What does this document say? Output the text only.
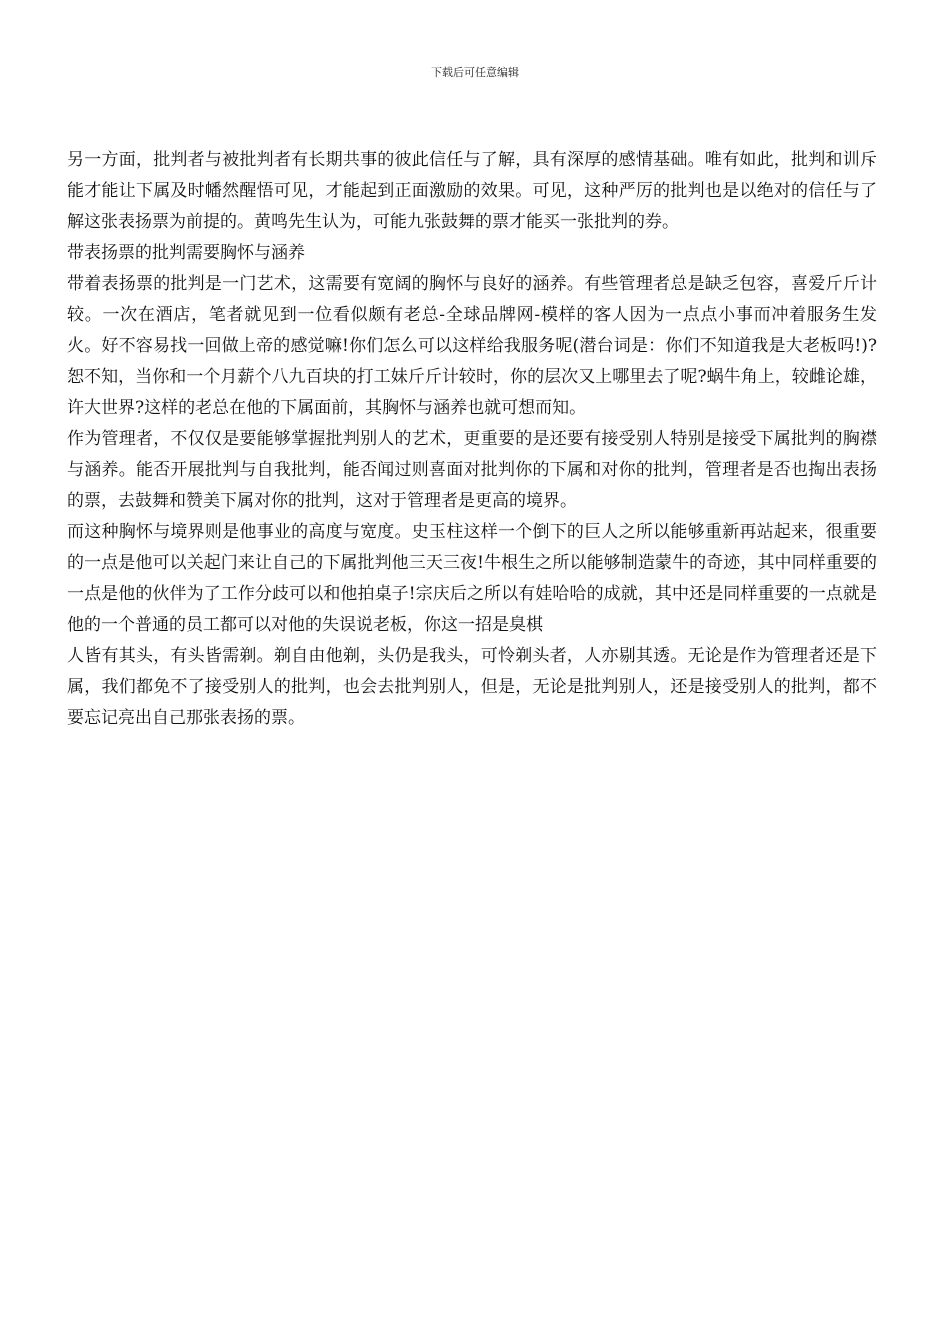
下载后可任意编辑

另一方面，批判者与被批判者有长期共事的彼此信任与了解，具有深厚的感情基础。唯有如此，批判和训斥能才能让下属及时幡然醒悟可见，才能起到正面激励的效果。可见，这种严厉的批判也是以绝对的信任与了解这张表扬票为前提的。黄鸣先生认为，可能九张鼓舞的票才能买一张批判的券。

带表扬票的批判需要胸怀与涵养

带着表扬票的批判是一门艺术，这需要有宽阔的胸怀与良好的涵养。有些管理者总是缺乏包容，喜爱斤斤计较。一次在酒店，笔者就见到一位看似颇有老总-全球品牌网-模样的客人因为一点点小事而冲着服务生发火。好不容易找一回做上帝的感觉嘛!你们怎么可以这样给我服务呢(潜台词是：你们不知道我是大老板吗!)?恕不知，当你和一个月薪个八九百块的打工妹斤斤计较时，你的层次又上哪里去了呢?蜗牛角上，较雌论雄，许大世界?这样的老总在他的下属面前，其胸怀与涵养也就可想而知。

作为管理者，不仅仅是要能够掌握批判别人的艺术，更重要的是还要有接受别人特别是接受下属批判的胸襟与涵养。能否开展批判与自我批判，能否闻过则喜面对批判你的下属和对你的批判，管理者是否也掏出表扬的票，去鼓舞和赞美下属对你的批判，这对于管理者是更高的境界。

而这种胸怀与境界则是他事业的高度与宽度。史玉柱这样一个倒下的巨人之所以能够重新再站起来，很重要的一点是他可以关起门来让自己的下属批判他三天三夜!牛根生之所以能够制造蒙牛的奇迹，其中同样重要的一点是他的伙伴为了工作分歧可以和他拍桌子!宗庆后之所以有娃哈哈的成就，其中还是同样重要的一点就是他的一个普通的员工都可以对他的失误说老板，你这一招是臭棋

人皆有其头，有头皆需剃。剃自由他剃，头仍是我头，可怜剃头者，人亦剔其透。无论是作为管理者还是下属，我们都免不了接受别人的批判，也会去批判别人，但是，无论是批判别人，还是接受别人的批判，都不要忘记亮出自己那张表扬的票。
